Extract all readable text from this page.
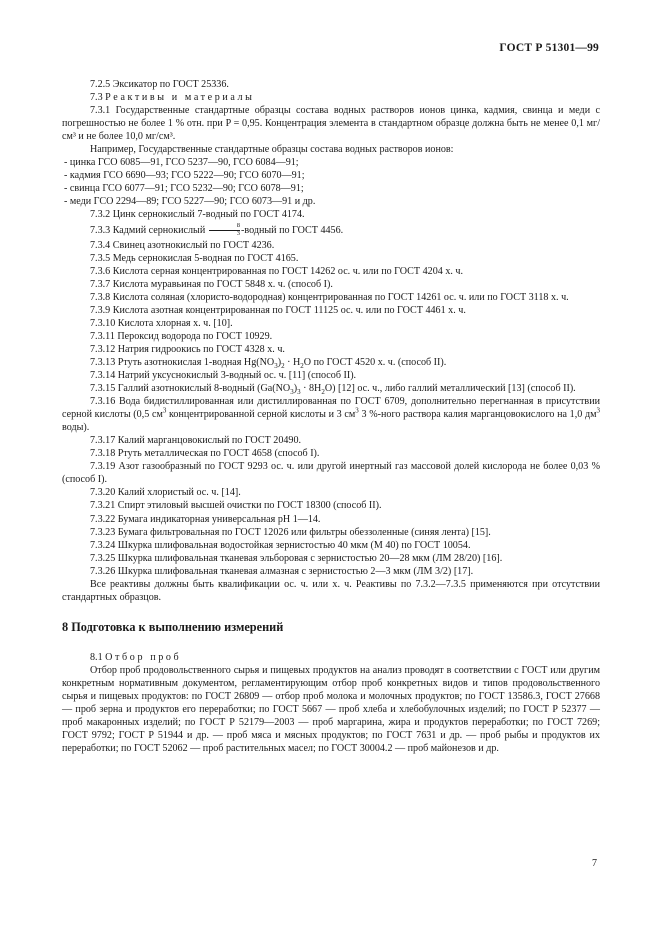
ГОСТ Р 51301—99

7.2.5 Эксикатор по ГОСТ 25336.

7.3 Реактивы и материалы

7.3.1 Государственные стандартные образцы состава водных растворов ионов цинка, кадмия, свинца и меди с погрешностью не более 1 % отн. при P = 0,95. Концентрация элемента в стандартном образце должна быть не менее 0,1 мг/см³ и не более 10,0 мг/см³.

Например, Государственные стандартные образцы состава водных растворов ионов:

- цинка ГСО 6085—91, ГСО 5237—90, ГСО 6084—91;

- кадмия ГСО 6690—93; ГСО 5222—90; ГСО 6070—91;

- свинца ГСО 6077—91; ГСО 5232—90; ГСО 6078—91;

- меди ГСО 2294—89; ГСО 5227—90; ГСО 6073—91 и др.

7.3.2 Цинк сернокислый 7-водный по ГОСТ 4174.

7.3.3 Кадмий сернокислый $\frac{8}{3}$ -водный по ГОСТ 4456.

7.3.4 Свинец азотнокислый по ГОСТ 4236.

7.3.5 Медь сернокислая 5-водная по ГОСТ 4165.

7.3.6 Кислота серная концентрированная по ГОСТ 14262 ос. ч. или по ГОСТ 4204 х. ч.

7.3.7 Кислота муравьиная по ГОСТ 5848 х. ч. (способ I).

7.3.8 Кислота соляная (хлористо-водородная) концентрированная по ГОСТ 14261 ос. ч. или по ГОСТ 3118 х. ч.

7.3.9 Кислота азотная концентрированная по ГОСТ 11125 ос. ч. или по ГОСТ 4461 х. ч.

7.3.10 Кислота хлорная х. ч. [10].

7.3.11 Пероксид водорода по ГОСТ 10929.

7.3.12 Натрия гидроокись по ГОСТ 4328 х. ч.

7.3.13 Ртуть азотнокислая 1-водная $Hg(NO_3)_2 \cdot H_2O$ по ГОСТ 4520 х. ч. (способ II).

7.3.14 Натрий уксуснокислый 3-водный ос. ч. [11] (способ II).

7.3.15 Галлий азотнокислый 8-водный $(Ga(NO_3)_3 \cdot 8H_2O)$ [12] ос. ч., либо галлий металлический [13] (способ II).

7.3.16 Вода бидистиллированная или дистиллированная по ГОСТ 6709, дополнительно перегнанная в присутствии серной кислоты (0,5 $см^3$ концентрированной серной кислоты и 3 $см^3$ 3 %-ного раствора калия марганцовокислого на 1,0 $дм^3$ воды).

7.3.17 Калий марганцовокислый по ГОСТ 20490.

7.3.18 Ртуть металлическая по ГОСТ 4658 (способ I).

7.3.19 Азот газообразный по ГОСТ 9293 ос. ч. или другой инертный газ массовой долей кислорода не более 0,03 % (способ I).

7.3.20 Калий хлористый ос. ч. [14].

7.3.21 Спирт этиловый высшей очистки по ГОСТ 18300 (способ II).

7.3.22 Бумага индикаторная универсальная pH 1—14.

7.3.23 Бумага фильтровальная по ГОСТ 12026 или фильтры обеззоленные (синяя лента) [15].

7.3.24 Шкурка шлифовальная водостойкая зернистостью 40 мкм (М 40) по ГОСТ 10054.

7.3.25 Шкурка шлифовальная тканевая эльборовая с зернистостью 20—28 мкм (ЛМ 28/20) [16].

7.3.26 Шкурка шлифовальная тканевая алмазная с зернистостью 2—3 мкм (ЛМ 3/2) [17].

Все реактивы должны быть квалификации ос. ч. или х. ч. Реактивы по 7.3.2—7.3.5 применяются при отсутствии стандартных образцов.

8 Подготовка к выполнению измерений

8.1 Отбор проб

Отбор проб продовольственного сырья и пищевых продуктов на анализ проводят в соответствии с ГОСТ или другим конкретным нормативным документом, регламентирующим отбор проб конкретных видов и типов продовольственного сырья и пищевых продуктов: по ГОСТ 26809 — отбор проб молока и молочных продуктов; по ГОСТ 13586.3, ГОСТ 27668 — проб зерна и продуктов его переработки; по ГОСТ 5667 — проб хлеба и хлебобулочных изделий; по ГОСТ Р 52377 — проб макаронных изделий; по ГОСТ Р 52179—2003 — проб маргарина, жира и продуктов переработки; по ГОСТ 7269; ГОСТ 9792; ГОСТ Р 51944 и др. — проб мяса и мясных продуктов; по ГОСТ 7631 и др. — проб рыбы и продуктов их переработки; по ГОСТ 52062 — проб растительных масел; по ГОСТ 30004.2 — проб майонезов и др.

7
